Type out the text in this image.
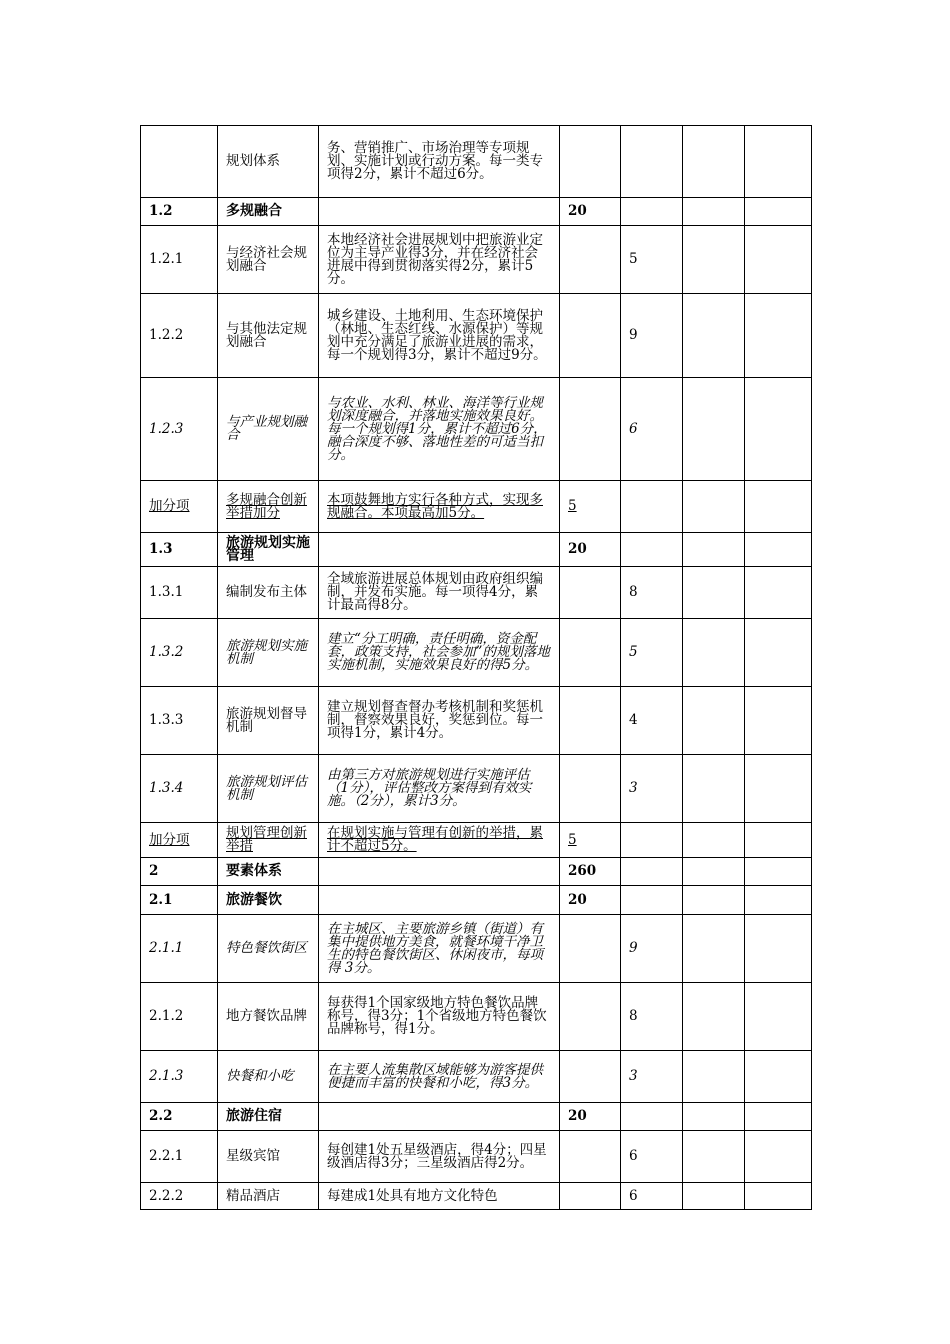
	规划体系	务、营销推广、市场治理等专项规划、实施计划或行动方案。每一类专项得2分，累计不超过6分。				
1.2	多规融合		20			
1.2.1	与经济社会规划融合	本地经济社会进展规划中把旅游业定位为主导产业得3分，并在经济社会进展中得到贯彻落实得2分，累计5分。		5		
1.2.2	与其他法定规划融合	城乡建设、土地利用、生态环境保护（林地、生态红线、水源保护）等规划中充分满足了旅游业进展的需求，每一个规划得3分，累计不超过9分。		9		
1.2.3	与产业规划融合	与农业、水利、林业、海洋等行业规划深度融合，并落地实施效果良好。每一个规划得1分，累计不超过6分，融合深度不够、落地性差的可适当扣分。		6		
加分项	多规融合创新举措加分	本项鼓舞地方实行各种方式，实现多规融合。本项最高加5分。	5			
1.3	旅游规划实施管理		20			
1.3.1	编制发布主体	全域旅游进展总体规划由政府组织编制，并发布实施。每一项得4分，累计最高得8分。		8		
1.3.2	旅游规划实施机制	建立“分工明确，责任明确，资金配套，政策支持，社会参加”的规划落地实施机制，实施效果良好的得5分。		5		
1.3.3	旅游规划督导机制	建立规划督查督办考核机制和奖惩机制，督察效果良好，奖惩到位。每一项得1分，累计4分。		4		
1.3.4	旅游规划评估机制	由第三方对旅游规划进行实施评估（1分），评估整改方案得到有效实施。（2分），累计3分。		3		
加分项	规划管理创新举措	在规划实施与管理有创新的举措，累计不超过5分。	5			
2	要素体系		260			
2.1	旅游餐饮		20			
2.1.1	特色餐饮街区	在主城区、主要旅游乡镇（街道）有集中提供地方美食，就餐环境干净卫生的特色餐饮街区、休闲夜市，每项得 3分。		9		
2.1.2	地方餐饮品牌	每获得1个国家级地方特色餐饮品牌称号，得3分；1个省级地方特色餐饮品牌称号，得1分。		8		
2.1.3	快餐和小吃	在主要人流集散区域能够为游客提供便捷而丰富的快餐和小吃，得3分。		3		
2.2	旅游住宿		20			
2.2.1	星级宾馆	每创建1处五星级酒店，得4分；四星级酒店得3分；三星级酒店得2分。		6		
2.2.2	精品酒店	每建成1处具有地方文化特色		6		
